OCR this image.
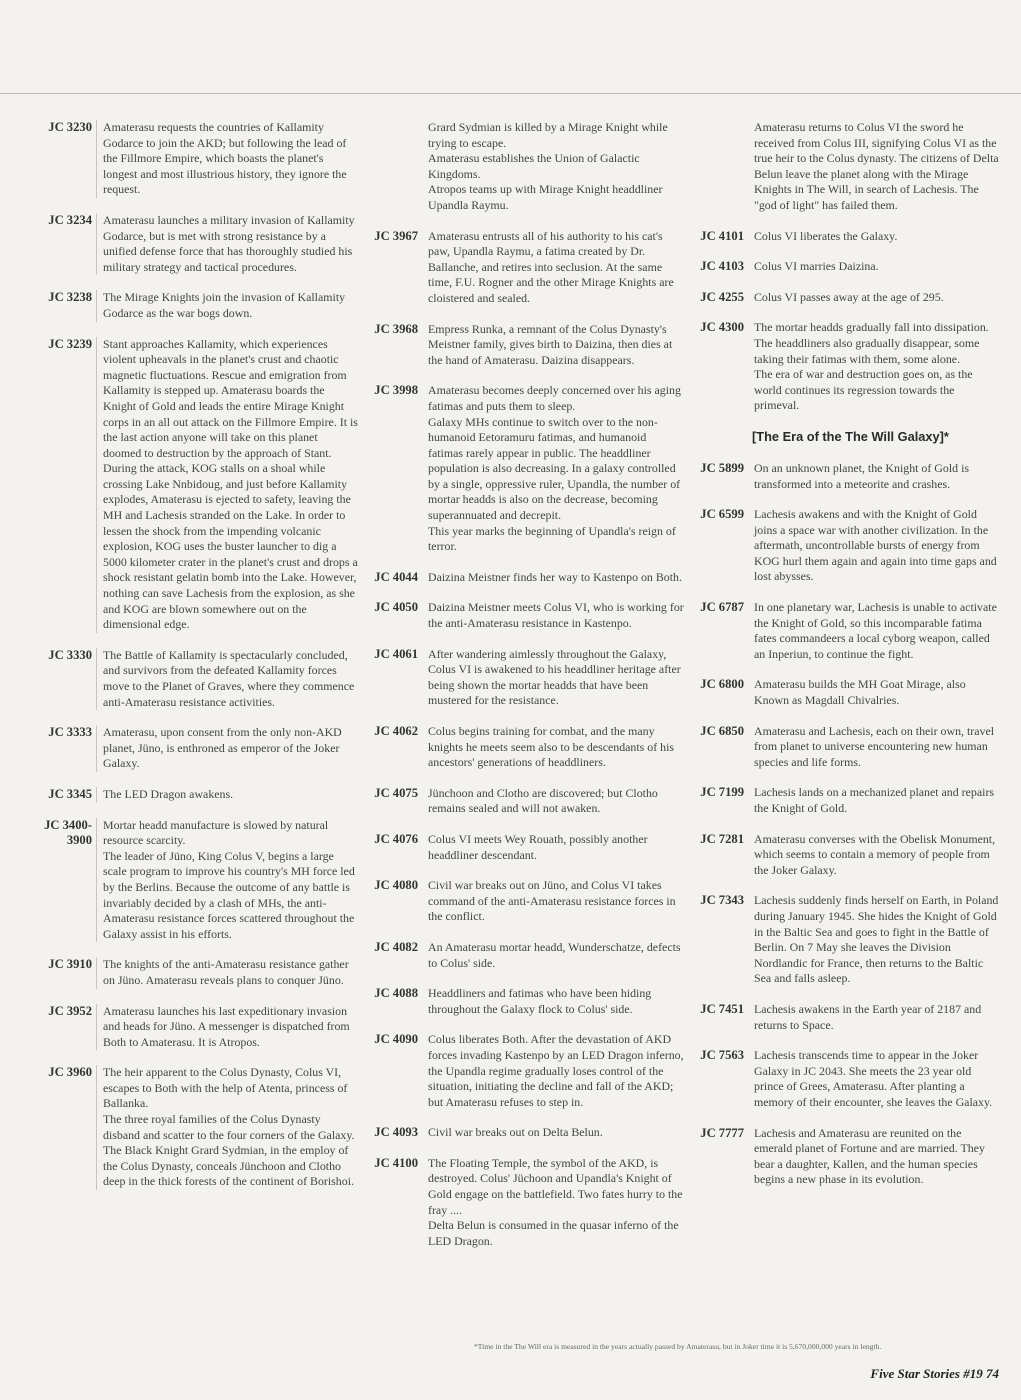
JC 3230 Amaterasu requests the countries of Kallamity Godarce to join the AKD; but following the lead of the Fillmore Empire, which boasts the planet's longest and most illustrious history, they ignore the request.

JC 3234 Amaterasu launches a military invasion of Kallamity Godarce, but is met with strong resistance by a unified defense force that has thoroughly studied his military strategy and tactical procedures.

JC 3238 The Mirage Knights join the invasion of Kallamity Godarce as the war bogs down.

JC 3239 Stant approaches Kallamity, which experiences violent upheavals in the planet's crust and chaotic magnetic fluctuations. Rescue and emigration from Kallamity is stepped up. Amaterasu boards the Knight of Gold and leads the entire Mirage Knight corps in an all out attack on the Fillmore Empire. It is the last action anyone will take on this planet doomed to destruction by the approach of Stant. During the attack, KOG stalls on a shoal while crossing Lake Nnbidoug, and just before Kallamity explodes, Amaterasu is ejected to safety, leaving the MH and Lachesis stranded on the Lake. In order to lessen the shock from the impending volcanic explosion, KOG uses the buster launcher to dig a 5000 kilometer crater in the planet's crust and drops a shock resistant gelatin bomb into the Lake. However, nothing can save Lachesis from the explosion, as she and KOG are blown somewhere out on the dimensional edge.

JC 3330 The Battle of Kallamity is spectacularly concluded, and survivors from the defeated Kallamity forces move to the Planet of Graves, where they commence anti-Amaterasu resistance activities.

JC 3333 Amaterasu, upon consent from the only non-AKD planet, Jüno, is enthroned as emperor of the Joker Galaxy.

JC 3345 The LED Dragon awakens.

JC 3400-
3900

Mortar headd manufacture is slowed by natural resource scarcity.

The leader of Jüno, King Colus V, begins a large scale program to improve his country's MH force led by the Berlins. Because the outcome of any battle is invariably decided by a clash of MHs, the anti-Amaterasu resistance forces scattered throughout the Galaxy assist in his efforts.

JC 3910 The knights of the anti-Amaterasu resistance gather on Jüno. Amaterasu reveals plans to conquer Jüno.

JC 3952 Amaterasu launches his last expeditionary invasion and heads for Jüno. A messenger is dispatched from Both to Amaterasu. It is Atropos.

JC 3960 The heir apparent to the Colus Dynasty, Colus VI, escapes to Both with the help of Atenta, princess of Ballanka.

The three royal families of the Colus Dynasty disband and scatter to the four corners of the Galaxy.

The Black Knight Grard Sydmian, in the employ of the Colus Dynasty, conceals Jünchoon and Clotho deep in the thick forests of the continent of Borishoi.

Grard Sydmian is killed by a Mirage Knight while trying to escape.

Amaterasu establishes the Union of Galactic Kingdoms.

Atropos teams up with Mirage Knight headdliner Upandla Raymu.

JC 3967 Amaterasu entrusts all of his authority to his cat's paw, Upandla Raymu, a fatima created by Dr. Ballanche, and retires into seclusion. At the same time, F.U. Rogner and the other Mirage Knights are cloistered and sealed.

JC 3968 Empress Runka, a remnant of the Colus Dynasty's Meistner family, gives birth to Daizina, then dies at the hand of Amaterasu. Daizina disappears.

JC 3998 Amaterasu becomes deeply concerned over his aging fatimas and puts them to sleep.

Galaxy MHs continue to switch over to the non-humanoid Eetoramuru fatimas, and humanoid fatimas rarely appear in public. The headdliner population is also decreasing. In a galaxy controlled by a single, oppressive ruler, Upandla, the number of mortar headds is also on the decrease, becoming superannuated and decrepit.

This year marks the beginning of Upandla's reign of terror.

JC 4044 Daizina Meistner finds her way to Kastenpo on Both.

JC 4050 Daizina Meistner meets Colus VI, who is working for the anti-Amaterasu resistance in Kastenpo.

JC 4061 After wandering aimlessly throughout the Galaxy, Colus VI is awakened to his headdliner heritage after being shown the mortar headds that have been mustered for the resistance.

JC 4062 Colus begins training for combat, and the many knights he meets seem also to be descendants of his ancestors' generations of headdliners.

JC 4075 Jünchoon and Clotho are discovered; but Clotho remains sealed and will not awaken.

JC 4076 Colus VI meets Wey Rouath, possibly another headdliner descendant.

JC 4080 Civil war breaks out on Jüno, and Colus VI takes command of the anti-Amaterasu resistance forces in the conflict.

JC 4082 An Amaterasu mortar headd, Wunderschatze, defects to Colus' side.

JC 4088 Headdliners and fatimas who have been hiding throughout the Galaxy flock to Colus' side.

JC 4090 Colus liberates Both. After the devastation of AKD forces invading Kastenpo by an LED Dragon inferno, the Upandla regime gradually loses control of the situation, initiating the decline and fall of the AKD; but Amaterasu refuses to step in.

JC 4093 Civil war breaks out on Delta Belun.

JC 4100 The Floating Temple, the symbol of the AKD, is destroyed. Colus' Jüchoon and Upandla's Knight of Gold engage on the battlefield. Two fates hurry to the fray ....

Delta Belun is consumed in the quasar inferno of the LED Dragon.

Amaterasu returns to Colus VI the sword he received from Colus III, signifying Colus VI as the true heir to the Colus dynasty. The citizens of Delta Belun leave the planet along with the Mirage Knights in The Will, in search of Lachesis. The "god of light" has failed them.

JC 4101 Colus VI liberates the Galaxy.

JC 4103 Colus VI marries Daizina.

JC 4255 Colus VI passes away at the age of 295.

JC 4300 The mortar headds gradually fall into dissipation. The headdliners also gradually disappear, some taking their fatimas with them, some alone.

The era of war and destruction goes on, as the world continues its regression towards the primeval.

[The Era of the The Will Galaxy]*
JC 5899 On an unknown planet, the Knight of Gold is transformed into a meteorite and crashes.

JC 6599 Lachesis awakens and with the Knight of Gold joins a space war with another civilization. In the aftermath, uncontrollable bursts of energy from KOG hurl them again and again into time gaps and lost abysses.

JC 6787 In one planetary war, Lachesis is unable to activate the Knight of Gold, so this incomparable fatima fates commandeers a local cyborg weapon, called an Inperiun, to continue the fight.

JC 6800 Amaterasu builds the MH Goat Mirage, also Known as Magdall Chivalries.

JC 6850 Amaterasu and Lachesis, each on their own, travel from planet to universe encountering new human species and life forms.

JC 7199 Lachesis lands on a mechanized planet and repairs the Knight of Gold.

JC 7281 Amaterasu converses with the Obelisk Monument, which seems to contain a memory of people from the Joker Galaxy.

JC 7343 Lachesis suddenly finds herself on Earth, in Poland during January 1945. She hides the Knight of Gold in the Baltic Sea and goes to fight in the Battle of Berlin. On 7 May she leaves the Division Nordlandic for France, then returns to the Baltic Sea and falls asleep.

JC 7451 Lachesis awakens in the Earth year of 2187 and returns to Space.

JC 7563 Lachesis transcends time to appear in the Joker Galaxy in JC 2043. She meets the 23 year old prince of Grees, Amaterasu. After planting a memory of their encounter, she leaves the Galaxy.

JC 7777 Lachesis and Amaterasu are reunited on the emerald planet of Fortune and are married. They bear a daughter, Kallen, and the human species begins a new phase in its evolution.

*Time in the The Will era is measured in the years actually passed by Amaterasu, but in Joker time it is 5,670,000,000 years in length.
Five Star Stories #19 74
